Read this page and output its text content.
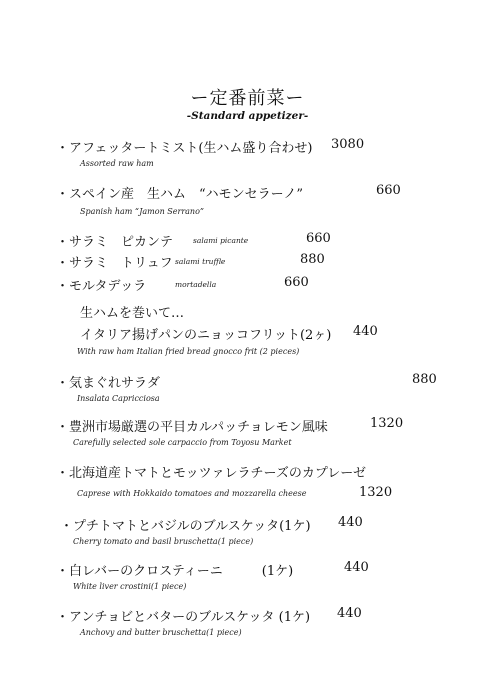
ー定番前菜ー
-Standard appetizer-
・アフェッタートミスト(生ハム盛り合わせ) 3080
Assorted raw ham
・スペイン産　生ハム　“ハモンセラーノ”	660
Spanish ham “Jamon Serrano”
・サラミ　ピカンテ	salami picante	660
・サラミ　トリュフ salami truffle	880
・モルタデッラ	mortadella	660
生ハムを巻いて…
イタリア揚げパンのニョッコフリット(2ヶ) 440
With raw ham Italian fried bread gnocco frit (2 pieces)
・気まぐれサラダ	880
Insalata Capricciosa
・豊洲市場厳選の平目カルパッチョレモン風味	1320
Carefully selected sole carpaccio from Toyosu Market
・北海道産トマトとモッツァレラチーズのカプレーゼ
1320
Caprese with Hokkaido tomatoes and mozzarella cheese
・プチトマトとバジルのブルスケッタ(1ケ) 440
Cherry tomato and basil bruschetta(1 piece)
・白レバーのクロスティーニ　　　(1ケ)	440
White liver crostini(1 piece)
・アンチョビとバターのブルスケッタ (1ケ) 440
Anchovy and butter bruschetta(1 piece)
